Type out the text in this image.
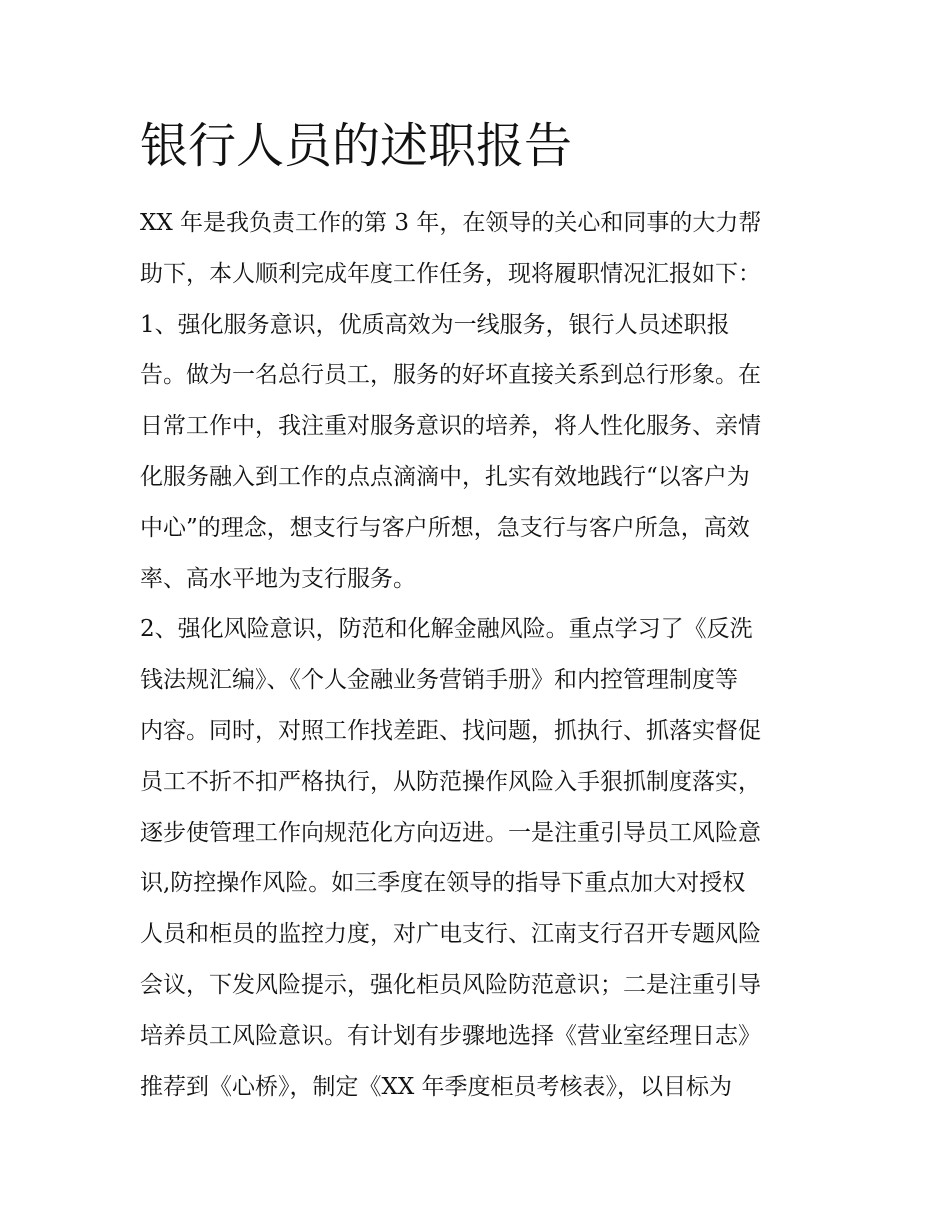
银行人员的述职报告
XX 年是我负责工作的第 3 年，在领导的关心和同事的大力帮
助下，本人顺利完成年度工作任务，现将履职情况汇报如下：
1、强化服务意识，优质高效为一线服务，银行人员述职报
告。做为一名总行员工，服务的好坏直接关系到总行形象。在
日常工作中，我注重对服务意识的培养，将人性化服务、亲情
化服务融入到工作的点点滴滴中，扎实有效地践行“以客户为
中心”的理念，想支行与客户所想，急支行与客户所急，高效
率、高水平地为支行服务。
2、强化风险意识，防范和化解金融风险。重点学习了《反洗
钱法规汇编》、《个人金融业务营销手册》和内控管理制度等
内容。同时，对照工作找差距、找问题，抓执行、抓落实督促
员工不折不扣严格执行，从防范操作风险入手狠抓制度落实，
逐步使管理工作向规范化方向迈进。一是注重引导员工风险意
识,防控操作风险。如三季度在领导的指导下重点加大对授权
人员和柜员的监控力度，对广电支行、江南支行召开专题风险
会议，下发风险提示，强化柜员风险防范意识；二是注重引导
培养员工风险意识。有计划有步骤地选择《营业室经理日志》
推荐到《心桥》，制定《XX 年季度柜员考核表》，以目标为
